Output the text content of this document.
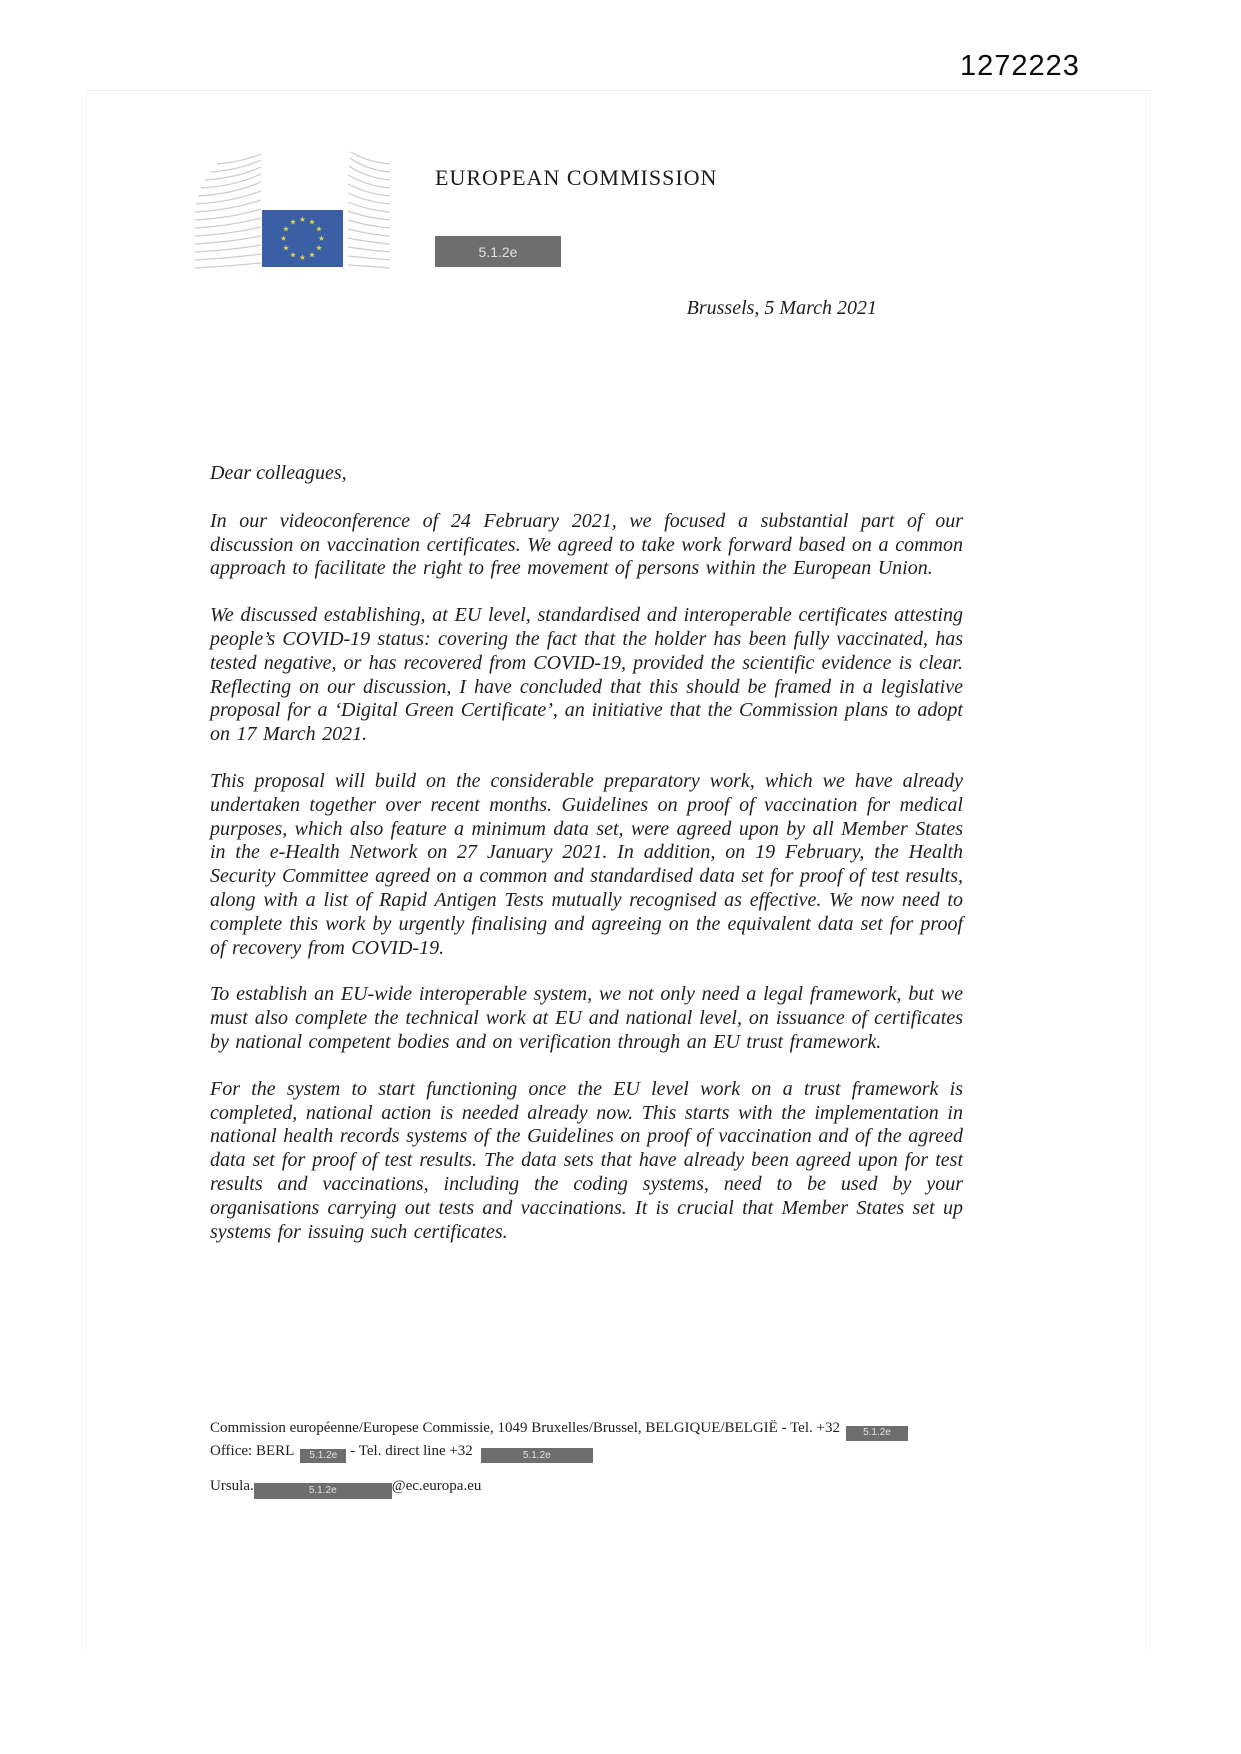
1272223
EUROPEAN COMMISSION
5.1.2e
Brussels, 5 March 2021

Dear colleagues,

In our videoconference of 24 February 2021, we focused a substantial part of our discussion on vaccination certificates. We agreed to take work forward based on a common approach to facilitate the right to free movement of persons within the European Union.

We discussed establishing, at EU level, standardised and interoperable certificates attesting people’s COVID-19 status: covering the fact that the holder has been fully vaccinated, has tested negative, or has recovered from COVID-19, provided the scientific evidence is clear. Reflecting on our discussion, I have concluded that this should be framed in a legislative proposal for a ‘Digital Green Certificate’, an initiative that the Commission plans to adopt on 17 March 2021.

This proposal will build on the considerable preparatory work, which we have already undertaken together over recent months. Guidelines on proof of vaccination for medical purposes, which also feature a minimum data set, were agreed upon by all Member States in the e-Health Network on 27 January 2021. In addition, on 19 February, the Health Security Committee agreed on a common and standardised data set for proof of test results, along with a list of Rapid Antigen Tests mutually recognised as effective. We now need to complete this work by urgently finalising and agreeing on the equivalent data set for proof of recovery from COVID-19.

To establish an EU-wide interoperable system, we not only need a legal framework, but we must also complete the technical work at EU and national level, on issuance of certificates by national competent bodies and on verification through an EU trust framework.

For the system to start functioning once the EU level work on a trust framework is completed, national action is needed already now. This starts with the implementation in national health records systems of the Guidelines on proof of vaccination and of the agreed data set for proof of test results. The data sets that have already been agreed upon for test results and vaccinations, including the coding systems, need to be used by your organisations carrying out tests and vaccinations. It is crucial that Member States set up systems for issuing such certificates.

Commission européenne/Europese Commissie, 1049 Bruxelles/Brussel, BELGIQUE/BELGIË - Tel. +32 5.1.2e
Office: BERL 5.1.2e - Tel. direct line +32	5.1.2e
Ursula.	5.1.2e	@ec.europa.eu
